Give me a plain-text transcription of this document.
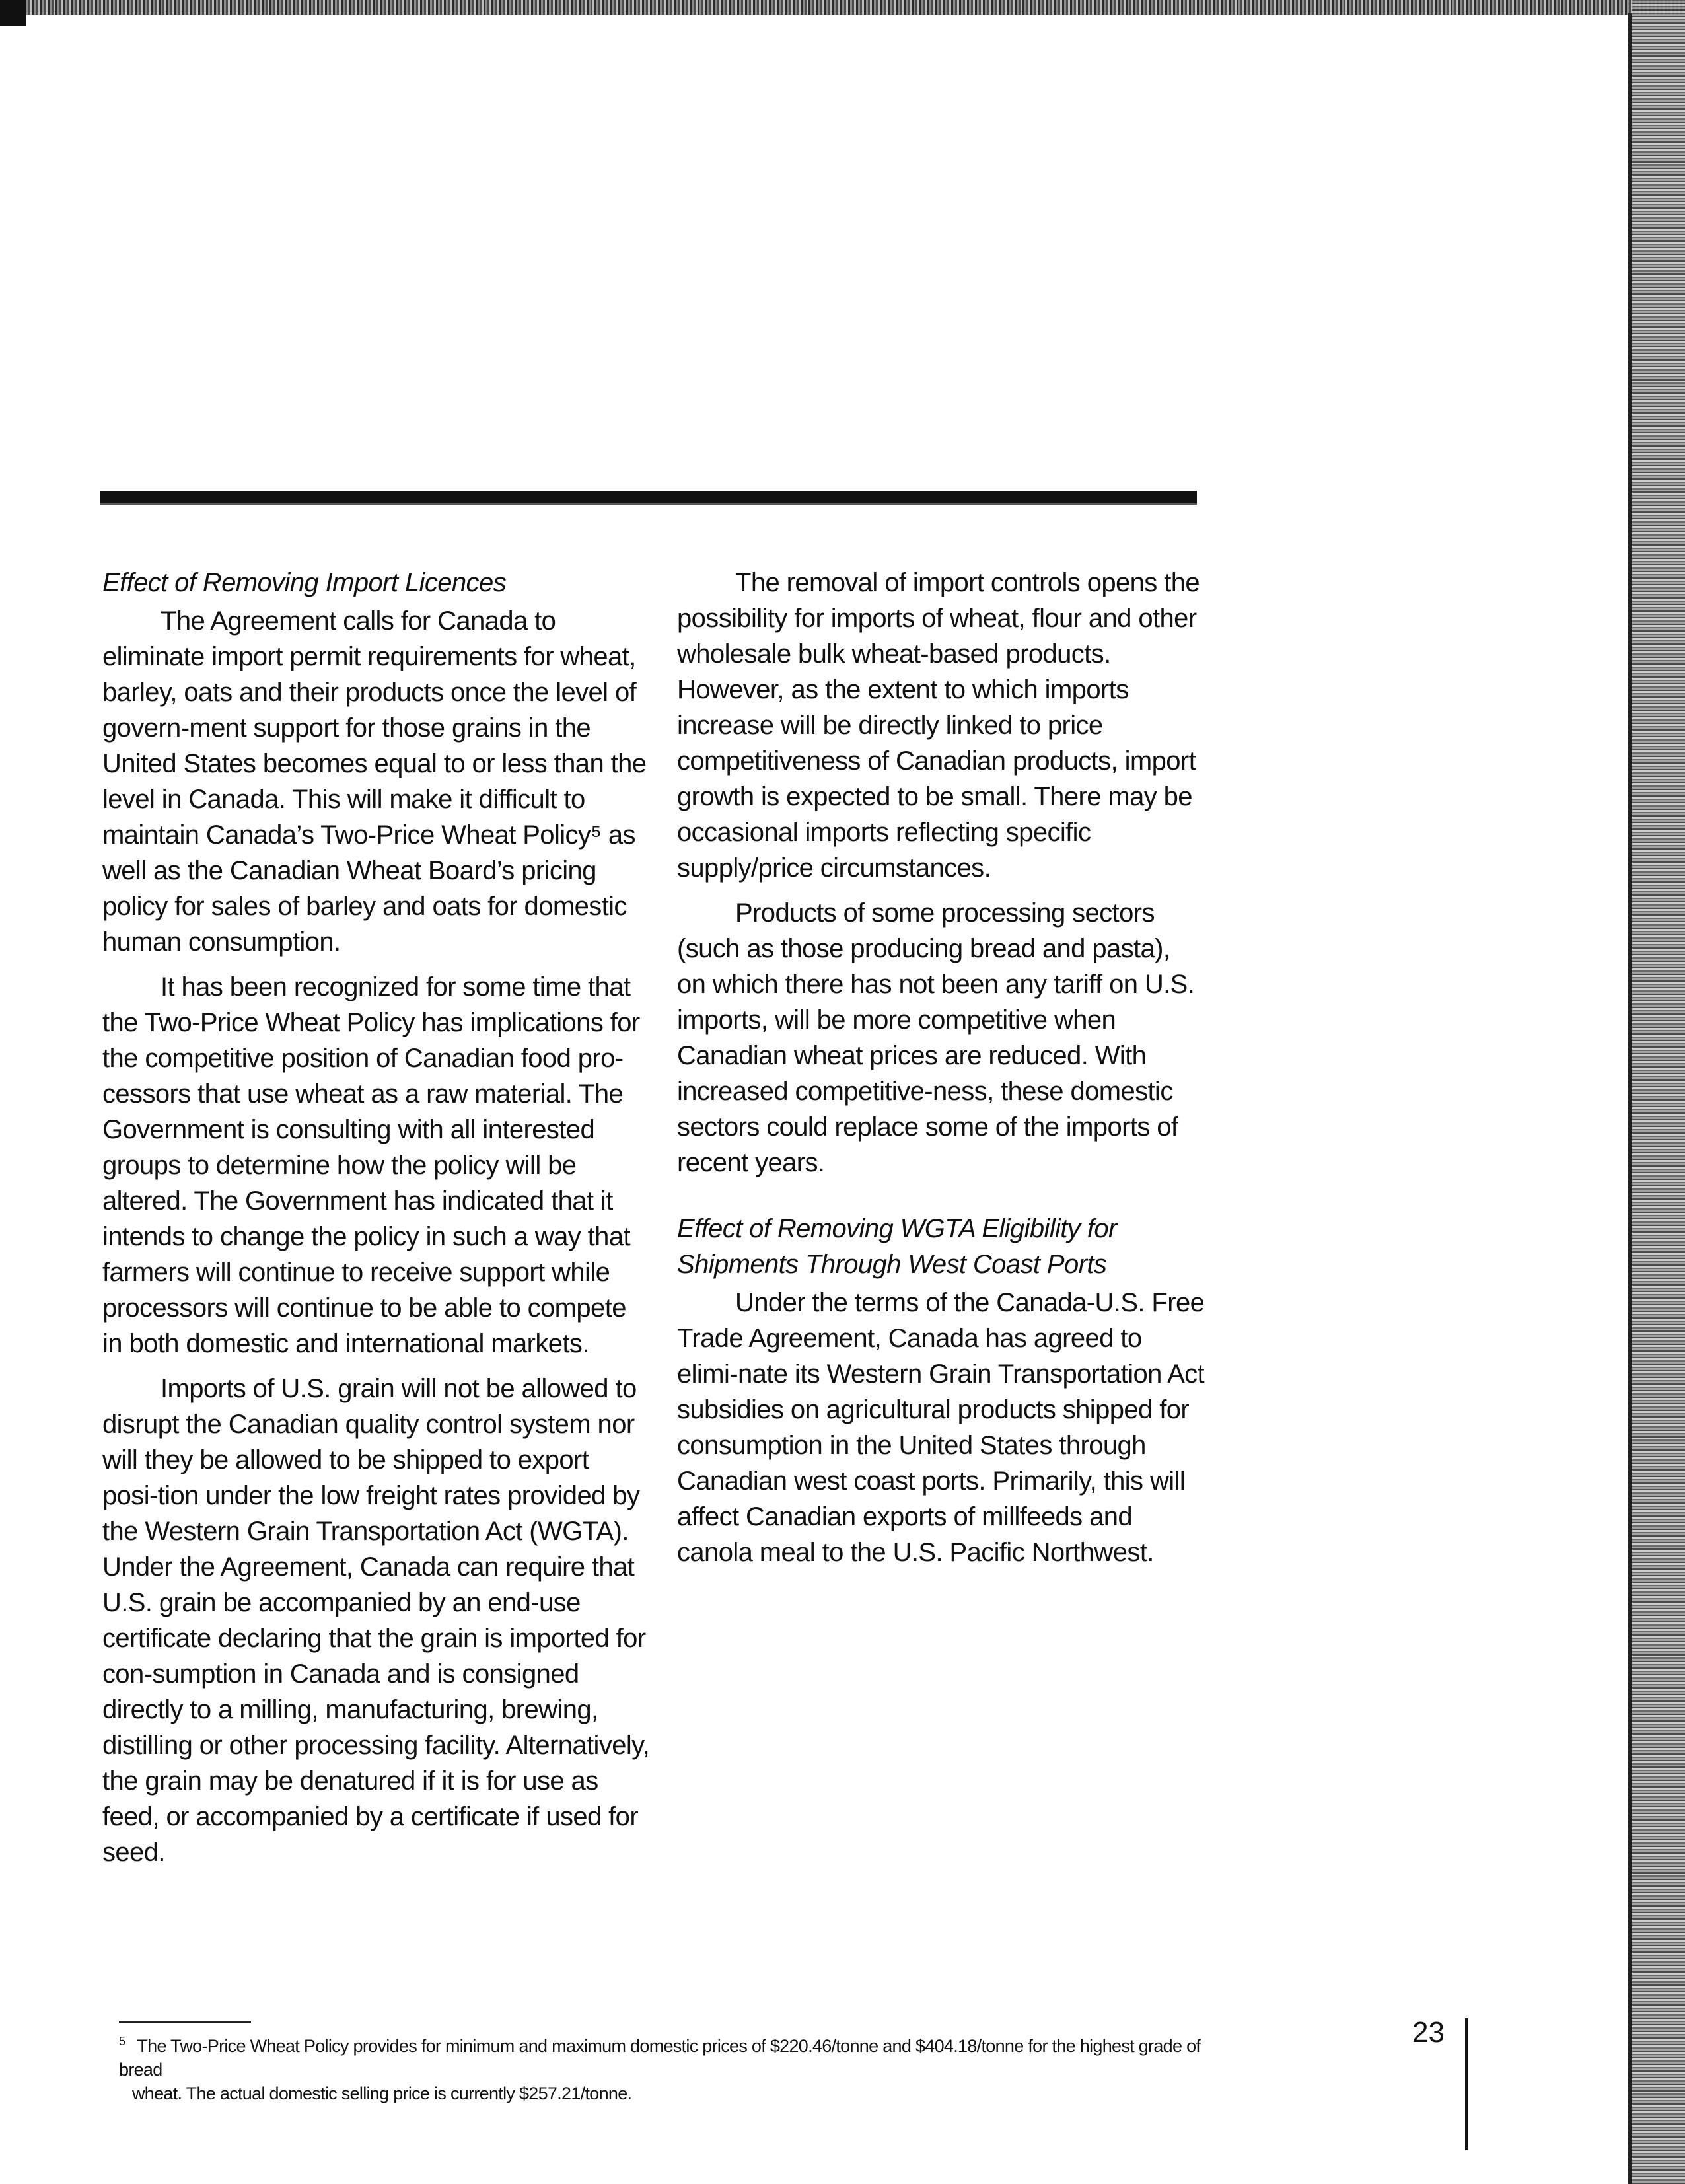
Effect of Removing Import Licences

The Agreement calls for Canada to eliminate import permit requirements for wheat, barley, oats and their products once the level of govern-ment support for those grains in the United States becomes equal to or less than the level in Canada. This will make it difficult to maintain Canada’s Two-Price Wheat Policy⁵ as well as the Canadian Wheat Board’s pricing policy for sales of barley and oats for domestic human consumption.

It has been recognized for some time that the Two-Price Wheat Policy has implications for the competitive position of Canadian food pro-cessors that use wheat as a raw material. The Government is consulting with all interested groups to determine how the policy will be altered. The Government has indicated that it intends to change the policy in such a way that farmers will continue to receive support while processors will continue to be able to compete in both domestic and international markets.

Imports of U.S. grain will not be allowed to disrupt the Canadian quality control system nor will they be allowed to be shipped to export posi-tion under the low freight rates provided by the Western Grain Transportation Act (WGTA). Under the Agreement, Canada can require that U.S. grain be accompanied by an end-use certificate declaring that the grain is imported for con-sumption in Canada and is consigned directly to a milling, manufacturing, brewing, distilling or other processing facility. Alternatively, the grain may be denatured if it is for use as feed, or accompanied by a certificate if used for seed.

The removal of import controls opens the possibility for imports of wheat, flour and other wholesale bulk wheat-based products. However, as the extent to which imports increase will be directly linked to price competitiveness of Canadian products, import growth is expected to be small. There may be occasional imports reflecting specific supply/price circumstances.

Products of some processing sectors (such as those producing bread and pasta), on which there has not been any tariff on U.S. imports, will be more competitive when Canadian wheat prices are reduced. With increased competitive-ness, these domestic sectors could replace some of the imports of recent years.

Effect of Removing WGTA Eligibility for Shipments Through West Coast Ports

Under the terms of the Canada-U.S. Free Trade Agreement, Canada has agreed to elimi-nate its Western Grain Transportation Act subsidies on agricultural products shipped for consumption in the United States through Canadian west coast ports. Primarily, this will affect Canadian exports of millfeeds and canola meal to the U.S. Pacific Northwest.

$^5$ The Two-Price Wheat Policy provides for minimum and maximum domestic prices of $220.46/tonne and $404.18/tonne for the highest grade of bread
wheat. The actual domestic selling price is currently $257.21/tonne.
23
